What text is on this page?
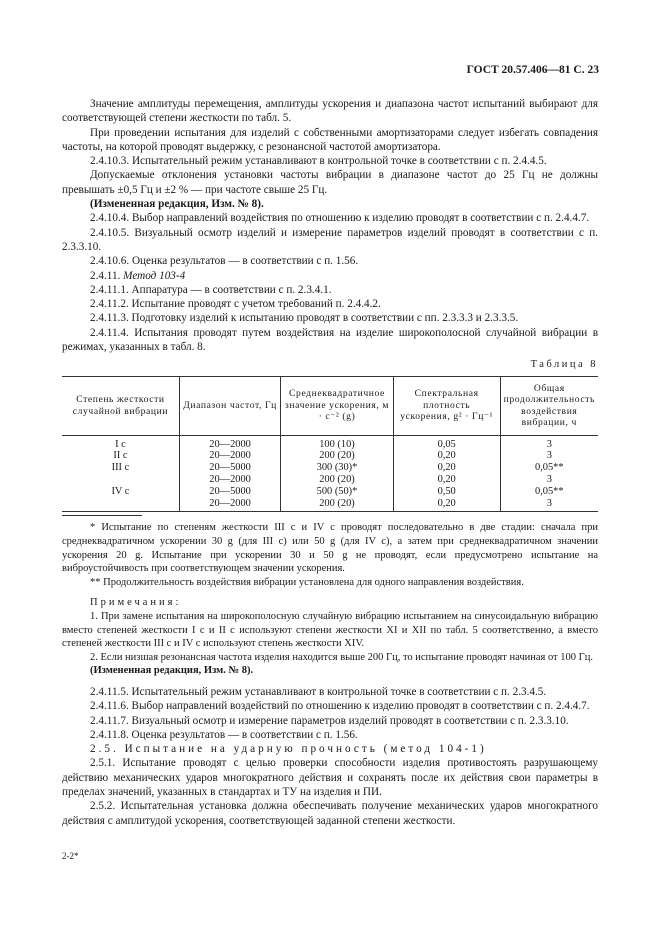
ГОСТ 20.57.406—81 С. 23

Значение амплитуды перемещения, амплитуды ускорения и диапазона частот испытаний выбирают для соответствующей степени жесткости по табл. 5.

При проведении испытания для изделий с собственными амортизаторами следует избегать совпадения частоты, на которой проводят выдержку, с резонансной частотой амортизатора.

2.4.10.3. Испытательный режим устанавливают в контрольной точке в соответствии с п. 2.4.4.5.

Допускаемые отклонения установки частоты вибрации в диапазоне частот до 25 Гц не должны превышать ±0,5 Гц и ±2 % — при частоте свыше 25 Гц.

(Измененная редакция, Изм. № 8).

2.4.10.4. Выбор направлений воздействия по отношению к изделию проводят в соответствии с п. 2.4.4.7.

2.4.10.5. Визуальный осмотр изделий и измерение параметров изделий проводят в соответствии с п. 2.3.3.10.

2.4.10.6. Оценка результатов — в соответствии с п. 1.56.

2.4.11. Метод 103-4

2.4.11.1. Аппаратура — в соответствии с п. 2.3.4.1.

2.4.11.2. Испытание проводят с учетом требований п. 2.4.4.2.

2.4.11.3. Подготовку изделий к испытанию проводят в соответствии с пп. 2.3.3.3 и 2.3.3.5.

2.4.11.4. Испытания проводят путем воздействия на изделие широкополосной случайной вибрации в режимах, указанных в табл. 8.

Таблица 8
Степень жесткости случайной вибрации	Диапазон частот, Гц	Среднеквадратичное значение ускорения, м · с⁻² (g)	Спектральная плотность ускорения, g² · Гц⁻¹	Общая продолжительность воздействия вибрации, ч
I с	20—2000	100 (10)	0,05	3
II с	20—2000	200 (20)	0,20	3
III с	20—5000	300 (30)*	0,20	0,05**
	20—2000	200 (20)	0,20	3
IV с	20—5000	500 (50)*	0,50	0,05**
	20—2000	200 (20)	0,20	3

* Испытание по степеням жесткости III с и IV с проводят последовательно в две стадии: сначала при среднеквадратичном ускорении 30 g (для III с) или 50 g (для IV с), а затем при среднеквадратичном значении ускорения 20 g. Испытание при ускорении 30 и 50 g не проводят, если предусмотрено испытание на виброустойчивость при соответствующем значении ускорения.

** Продолжительность воздействия вибрации установлена для одного направления воздействия.

Примечания:

1. При замене испытания на широкополосную случайную вибрацию испытанием на синусоидальную вибрацию вместо степеней жесткости I с и II с используют степени жесткости XI и XII по табл. 5 соответственно, а вместо степеней жесткости III с и IV с используют степень жесткости XIV.

2. Если низшая резонансная частота изделия находится выше 200 Гц, то испытание проводят начиная от 100 Гц.

(Измененная редакция, Изм. № 8).

2.4.11.5. Испытательный режим устанавливают в контрольной точке в соответствии с п. 2.3.4.5.

2.4.11.6. Выбор направлений воздействий по отношению к изделию проводят в соответствии с п. 2.4.4.7.

2.4.11.7. Визуальный осмотр и измерение параметров изделий проводят в соответствии с п. 2.3.3.10.

2.4.11.8. Оценка результатов — в соответствии с п. 1.56.

2.5. Испытание на ударную прочность (метод 104-1)

2.5.1. Испытание проводят с целью проверки способности изделия противостоять разрушающему действию механических ударов многократного действия и сохранять после их действия свои параметры в пределах значений, указанных в стандартах и ТУ на изделия и ПИ.

2.5.2. Испытательная установка должна обеспечивать получение механических ударов многократного действия с амплитудой ускорения, соответствующей заданной степени жесткости.

2-2*
